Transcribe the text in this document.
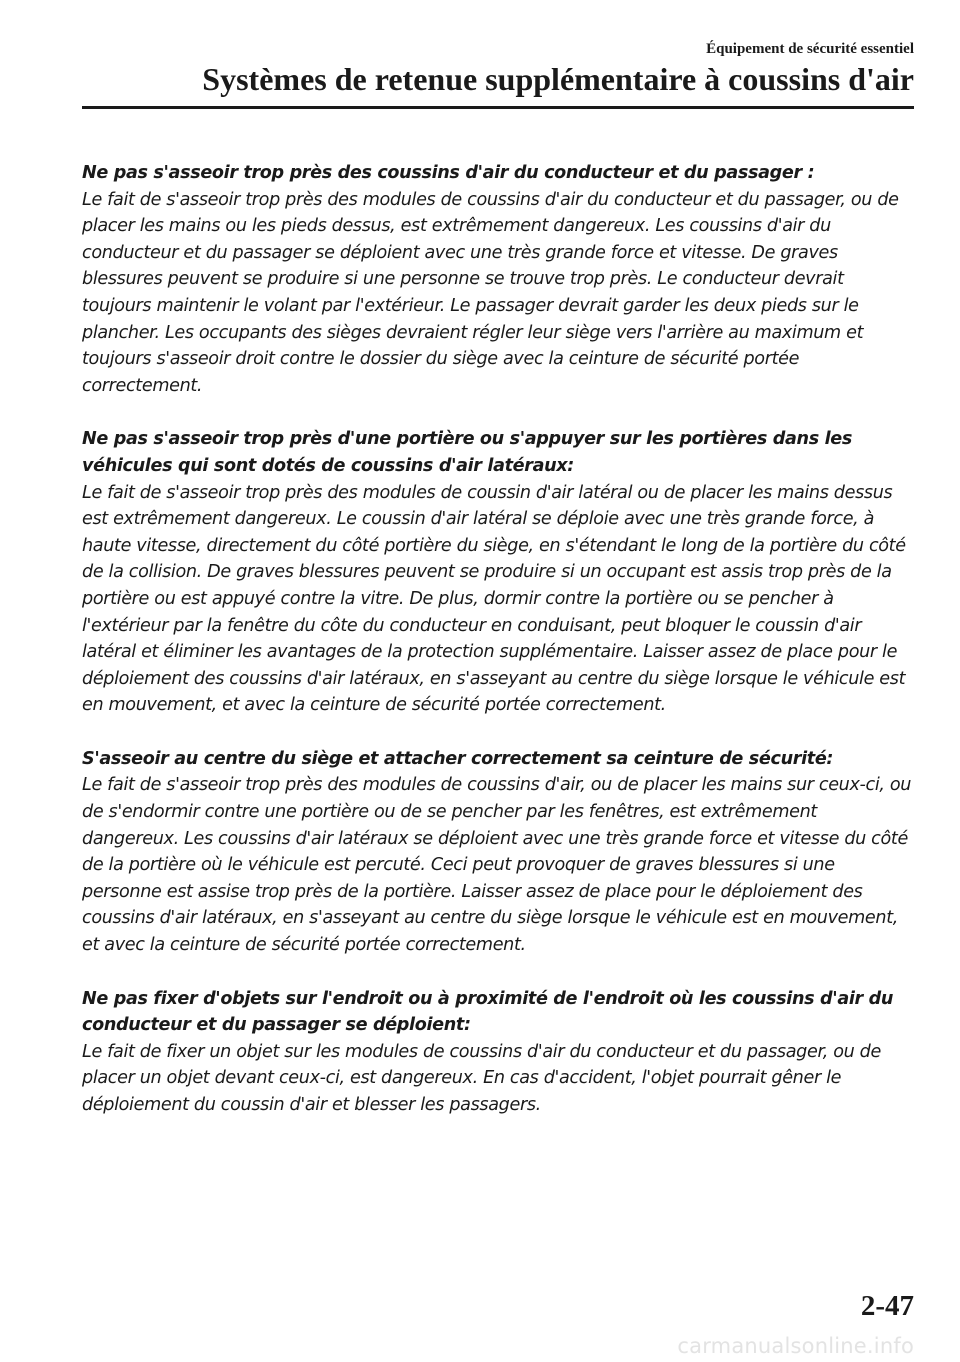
Équipement de sécurité essentiel
Systèmes de retenue supplémentaire à coussins d'air

Ne pas s'asseoir trop près des coussins d'air du conducteur et du passager :

Le fait de s'asseoir trop près des modules de coussins d'air du conducteur et du passager, ou de placer les mains ou les pieds dessus, est extrêmement dangereux. Les coussins d'air du conducteur et du passager se déploient avec une très grande force et vitesse. De graves blessures peuvent se produire si une personne se trouve trop près. Le conducteur devrait toujours maintenir le volant par l'extérieur. Le passager devrait garder les deux pieds sur le plancher. Les occupants des sièges devraient régler leur siège vers l'arrière au maximum et toujours s'asseoir droit contre le dossier du siège avec la ceinture de sécurité portée correctement.

Ne pas s'asseoir trop près d'une portière ou s'appuyer sur les portières dans les véhicules qui sont dotés de coussins d'air latéraux:

Le fait de s'asseoir trop près des modules de coussin d'air latéral ou de placer les mains dessus est extrêmement dangereux. Le coussin d'air latéral se déploie avec une très grande force, à haute vitesse, directement du côté portière du siège, en s'étendant le long de la portière du côté de la collision. De graves blessures peuvent se produire si un occupant est assis trop près de la portière ou est appuyé contre la vitre. De plus, dormir contre la portière ou se pencher à l'extérieur par la fenêtre du côte du conducteur en conduisant, peut bloquer le coussin d'air latéral et éliminer les avantages de la protection supplémentaire. Laisser assez de place pour le déploiement des coussins d'air latéraux, en s'asseyant au centre du siège lorsque le véhicule est en mouvement, et avec la ceinture de sécurité portée correctement.

S'asseoir au centre du siège et attacher correctement sa ceinture de sécurité:

Le fait de s'asseoir trop près des modules de coussins d'air, ou de placer les mains sur ceux-ci, ou de s'endormir contre une portière ou de se pencher par les fenêtres, est extrêmement dangereux. Les coussins d'air latéraux se déploient avec une très grande force et vitesse du côté de la portière où le véhicule est percuté. Ceci peut provoquer de graves blessures si une personne est assise trop près de la portière. Laisser assez de place pour le déploiement des coussins d'air latéraux, en s'asseyant au centre du siège lorsque le véhicule est en mouvement, et avec la ceinture de sécurité portée correctement.

Ne pas fixer d'objets sur l'endroit ou à proximité de l'endroit où les coussins d'air du conducteur et du passager se déploient:

Le fait de fixer un objet sur les modules de coussins d'air du conducteur et du passager, ou de placer un objet devant ceux-ci, est dangereux. En cas d'accident, l'objet pourrait gêner le déploiement du coussin d'air et blesser les passagers.

2-47
carmanualsonline.info
